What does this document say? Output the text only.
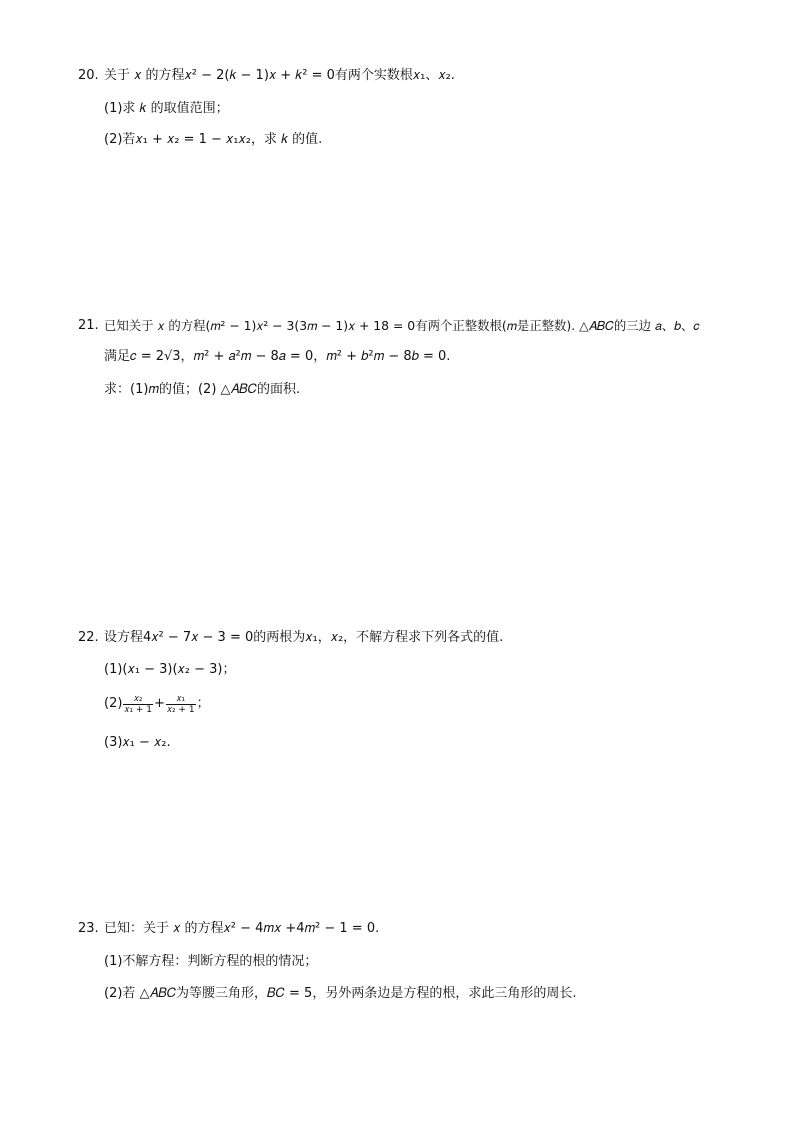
20. 关于 𝑥 的方程𝑥² − 2(𝑘 − 1)𝑥 + 𝑘² = 0有两个实数根𝑥₁、𝑥₂.
(1)求 𝑘 的取值范围；
(2)若𝑥₁ + 𝑥₂ = 1 − 𝑥₁𝑥₂，求 𝑘 的值.
21. 已知关于 𝑥 的方程(𝑚² − 1)𝑥² − 3(3𝑚 − 1)𝑥 + 18 = 0有两个正整数根(𝑚是正整数). △𝐴𝐵𝐶的三边 𝑎、𝑏、𝑐
满足𝑐 = 2√3，𝑚² + 𝑎²𝑚 − 8𝑎 = 0，𝑚² + 𝑏²𝑚 − 8𝑏 = 0.
求：(1)𝑚的值；(2) △𝐴𝐵𝐶的面积.
22. 设方程4𝑥² − 7𝑥 − 3 = 0的两根为𝑥₁，𝑥₂，不解方程求下列各式的值.
(1)(𝑥₁ − 3)(𝑥₂ − 3)；
$(2) \frac{\text{𝑥₂}}{\text{𝑥₁ + 1}} + \frac{\text{𝑥₁}}{\text{𝑥₂ + 1}}$ ；
(3)𝑥₁ − 𝑥₂.
23. 已知：关于 𝑥 的方程𝑥² − 4𝑚𝑥 +4𝑚² − 1 = 0.
(1)不解方程：判断方程的根的情况；
(2)若 △𝐴𝐵𝐶为等腰三角形，𝐵𝐶 = 5，另外两条边是方程的根，求此三角形的周长.
